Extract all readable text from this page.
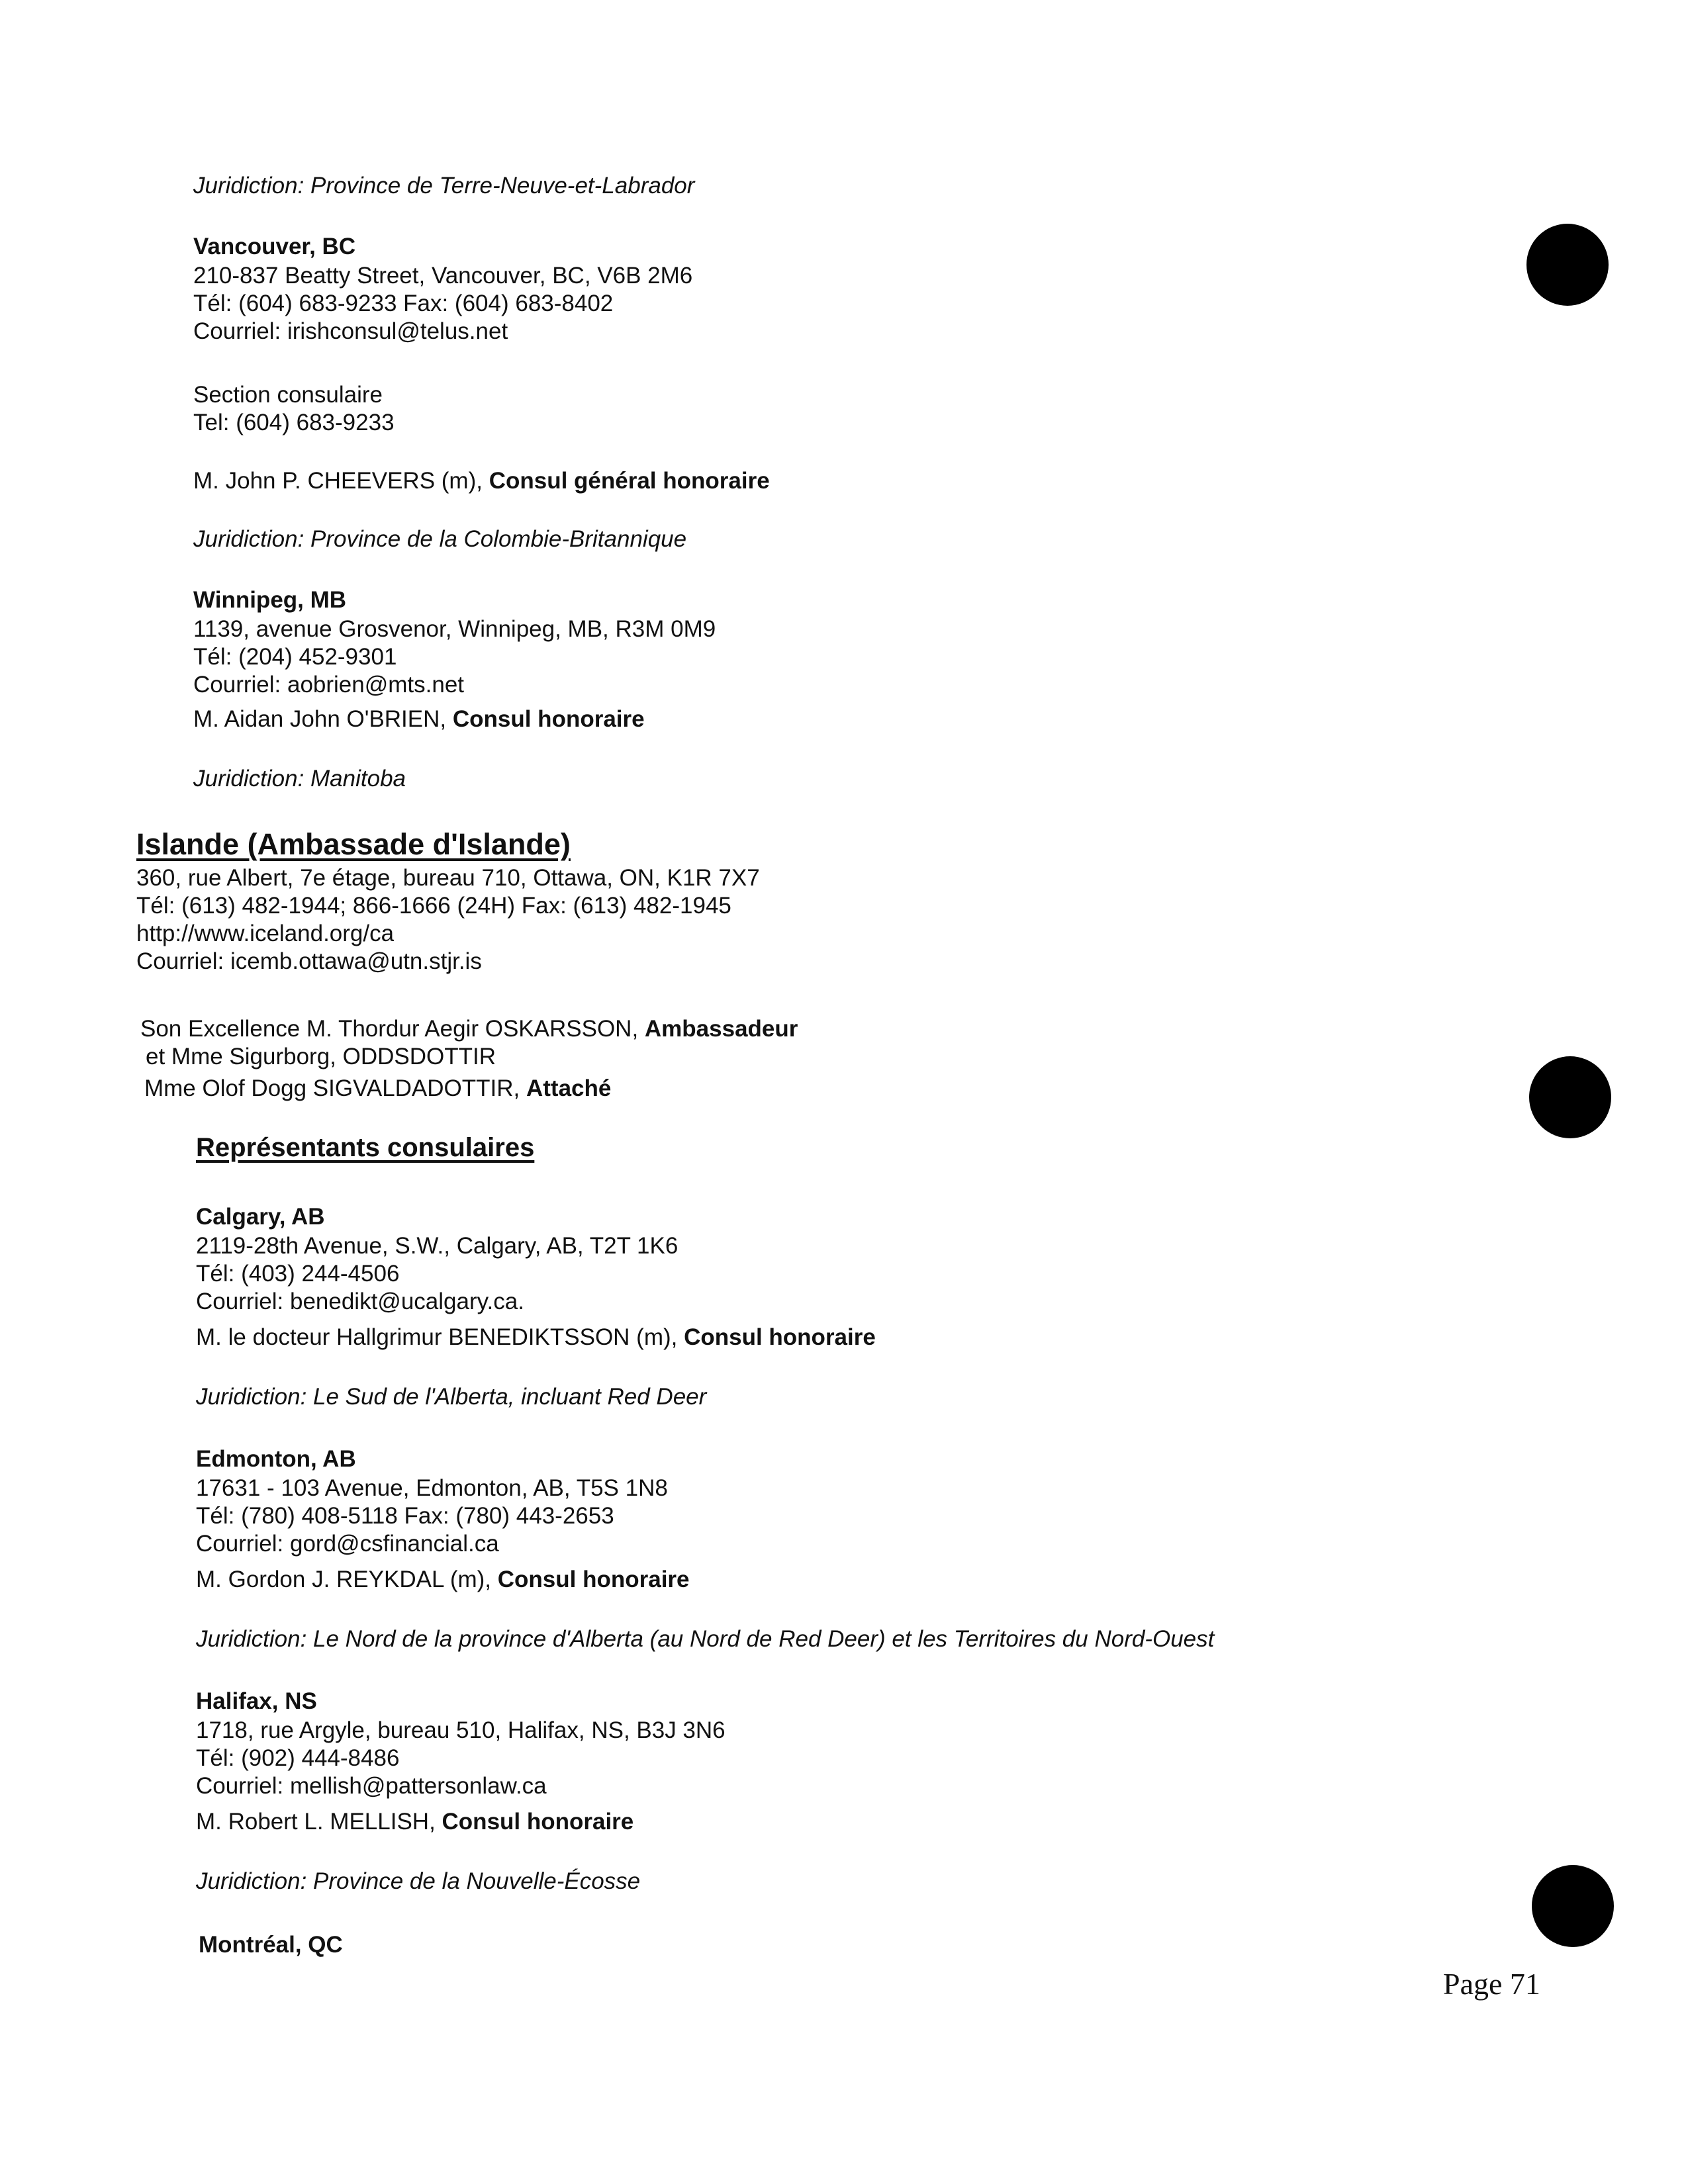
Juridiction: Province de Terre-Neuve-et-Labrador
Vancouver, BC
210-837 Beatty Street, Vancouver, BC, V6B 2M6
Tél: (604) 683-9233 Fax: (604) 683-8402
Courriel: irishconsul@telus.net
Section consulaire
Tel: (604) 683-9233
M. John P. CHEEVERS (m), Consul général honoraire
Juridiction: Province de la Colombie-Britannique
Winnipeg, MB
1139, avenue Grosvenor, Winnipeg, MB, R3M 0M9
Tél: (204) 452-9301
Courriel: aobrien@mts.net
M. Aidan John O'BRIEN, Consul honoraire
Juridiction: Manitoba
Islande (Ambassade d'Islande)
360, rue Albert, 7e étage, bureau 710, Ottawa, ON, K1R 7X7
Tél: (613) 482-1944; 866-1666 (24H) Fax: (613) 482-1945
http://www.iceland.org/ca
Courriel: icemb.ottawa@utn.stjr.is
Son Excellence M. Thordur Aegir OSKARSSON, Ambassadeur
et Mme Sigurborg, ODDSDOTTIR
Mme Olof Dogg SIGVALDADOTTIR, Attaché
Représentants consulaires
Calgary, AB
2119-28th Avenue, S.W., Calgary, AB, T2T 1K6
Tél: (403) 244-4506
Courriel: benedikt@ucalgary.ca.
M. le docteur Hallgrimur BENEDIKTSSON (m), Consul honoraire
Juridiction: Le Sud de l'Alberta, incluant Red Deer
Edmonton, AB
17631 - 103 Avenue, Edmonton, AB, T5S 1N8
Tél: (780) 408-5118 Fax: (780) 443-2653
Courriel: gord@csfinancial.ca
M. Gordon J. REYKDAL (m), Consul honoraire
Juridiction: Le Nord de la province d'Alberta (au Nord de Red Deer) et les Territoires du Nord-Ouest
Halifax, NS
1718, rue Argyle, bureau 510, Halifax, NS, B3J 3N6
Tél: (902) 444-8486
Courriel: mellish@pattersonlaw.ca
M. Robert L. MELLISH, Consul honoraire
Juridiction: Province de la Nouvelle-Écosse
Montréal, QC
Page 71
